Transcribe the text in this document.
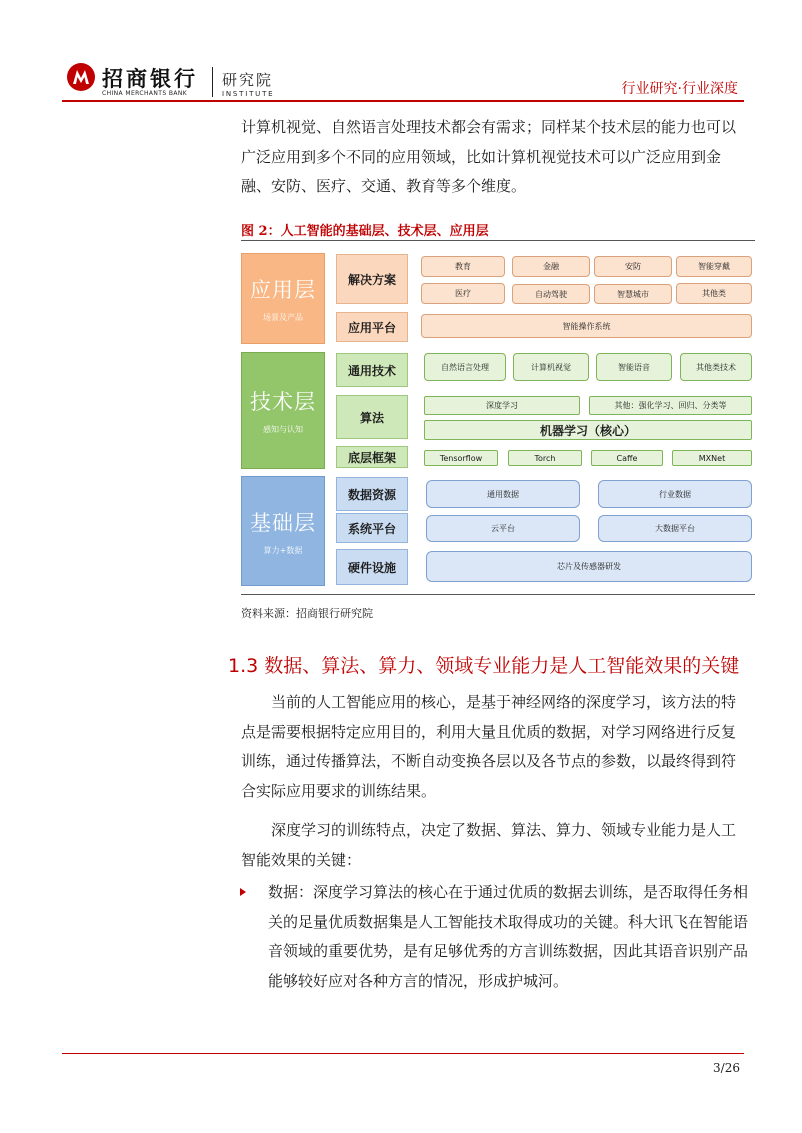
招商银行
CHINA MERCHANTS BANK
研究院
INSTITUTE	行业研究·行业深度

计算机视觉、自然语言处理技术都会有需求；同样某个技术层的能力也可以广泛应用到多个不同的应用领域，比如计算机视觉技术可以广泛应用到金融、安防、医疗、交通、教育等多个维度。

图 2：人工智能的基础层、技术层、应用层
应用层
场景及产品
技术层
感知与认知
基础层
算力+数据
解决方案
应用平台
通用技术
算法
底层框架
数据资源
系统平台
硬件设施
教育	金融	安防	智能穿戴
医疗	自动驾驶	智慧城市	其他类
智能操作系统
自然语言处理	计算机视觉	智能语音	其他类技术
深度学习	其他：强化学习、回归、分类等
机器学习（核心）
Tensorflow	Torch	Caffe	MXNet
通用数据	行业数据
云平台	大数据平台
芯片及传感器研发
资料来源：招商银行研究院
1.3 数据、算法、算力、领域专业能力是人工智能效果的关键

当前的人工智能应用的核心，是基于神经网络的深度学习，该方法的特点是需要根据特定应用目的，利用大量且优质的数据，对学习网络进行反复训练，通过传播算法，不断自动变换各层以及各节点的参数，以最终得到符合实际应用要求的训练结果。

深度学习的训练特点，决定了数据、算法、算力、领域专业能力是人工智能效果的关键：

数据：深度学习算法的核心在于通过优质的数据去训练，是否取得任务相关的足量优质数据集是人工智能技术取得成功的关键。科大讯飞在智能语音领域的重要优势，是有足够优秀的方言训练数据，因此其语音识别产品能够较好应对各种方言的情况，形成护城河。

3/26
